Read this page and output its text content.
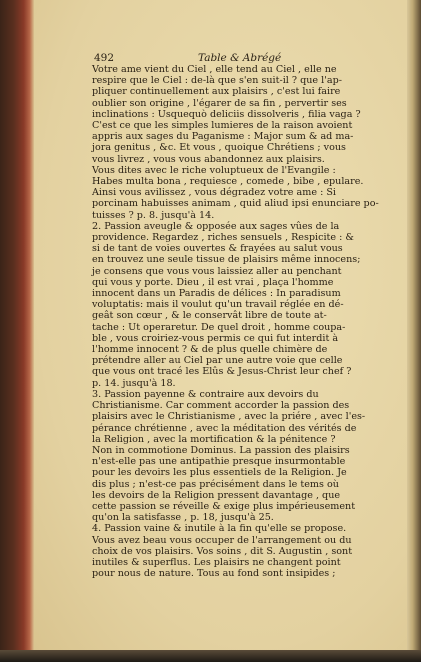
492	Table & Abrégé
Votre ame vient du Ciel , elle tend au Ciel , elle ne
respire que le Ciel : de-là que s'en suit-il ? que l'ap-
pliquer continuellement aux plaisirs , c'est lui faire
oublier son origine , l'égarer de sa fin , pervertir ses
inclinations : Usquequò deliciis dissolveris , filia vaga ?
C'est ce que les simples lumieres de la raison avoient
appris aux sages du Paganisme : Major sum & ad ma-
jora genitus , &c. Et vous , quoique Chrétiens ; vous
vous livrez , vous vous abandonnez aux plaisirs.
Vous dites avec le riche voluptueux de l'Evangile :
Habes multa bona , requiesce , comede , bibe , epulare.
Ainsi vous avilissez , vous dégradez votre ame : Si
porcinam habuisses animam , quid aliud ipsi enunciare po-
tuisses ? p. 8. jusqu'à 14.
2. Passion aveugle & opposée aux sages vûes de la
providence. Regardez , riches sensuels , Respicite : &
si de tant de voies ouvertes & frayées au salut vous
en trouvez une seule tissue de plaisirs même innocens;
je consens que vous vous laissiez aller au penchant
qui vous y porte. Dieu , il est vrai , plaça l'homme
innocent dans un Paradis de délices : In paradisum
voluptatis: mais il voulut qu'un travail réglée en dé-
geât son cœur , & le conservât libre de toute at-
tache : Ut operaretur. De quel droit , homme coupa-
ble , vous croiriez-vous permis ce qui fut interdit à
l'homme innocent ? & de plus quelle chimère de
prétendre aller au Ciel par une autre voie que celle
que vous ont tracé les Elûs & Jesus-Christ leur chef ?
p. 14. jusqu'à 18.
3. Passion payenne & contraire aux devoirs du
Christianisme. Car comment accorder la passion des
plaisirs avec le Christianisme , avec la priére , avec l'es-
pérance chrétienne , avec la méditation des vérités de
la Religion , avec la mortification & la pénitence ?
Non in commotione Dominus. La passion des plaisirs
n'est-elle pas une antipathie presque insurmontable
pour les devoirs les plus essentiels de la Religion. Je
dis plus ; n'est-ce pas précisément dans le tems où
les devoirs de la Religion pressent davantage , que
cette passion se réveille & exige plus impérieusement
qu'on la satisfasse , p. 18, jusqu'à 25.
4. Passion vaine & inutile à la fin qu'elle se propose.
Vous avez beau vous occuper de l'arrangement ou du
choix de vos plaisirs. Vos soins , dit S. Augustin , sont
inutiles & superflus. Les plaisirs ne changent point
pour nous de nature. Tous au fond sont insipides ;
